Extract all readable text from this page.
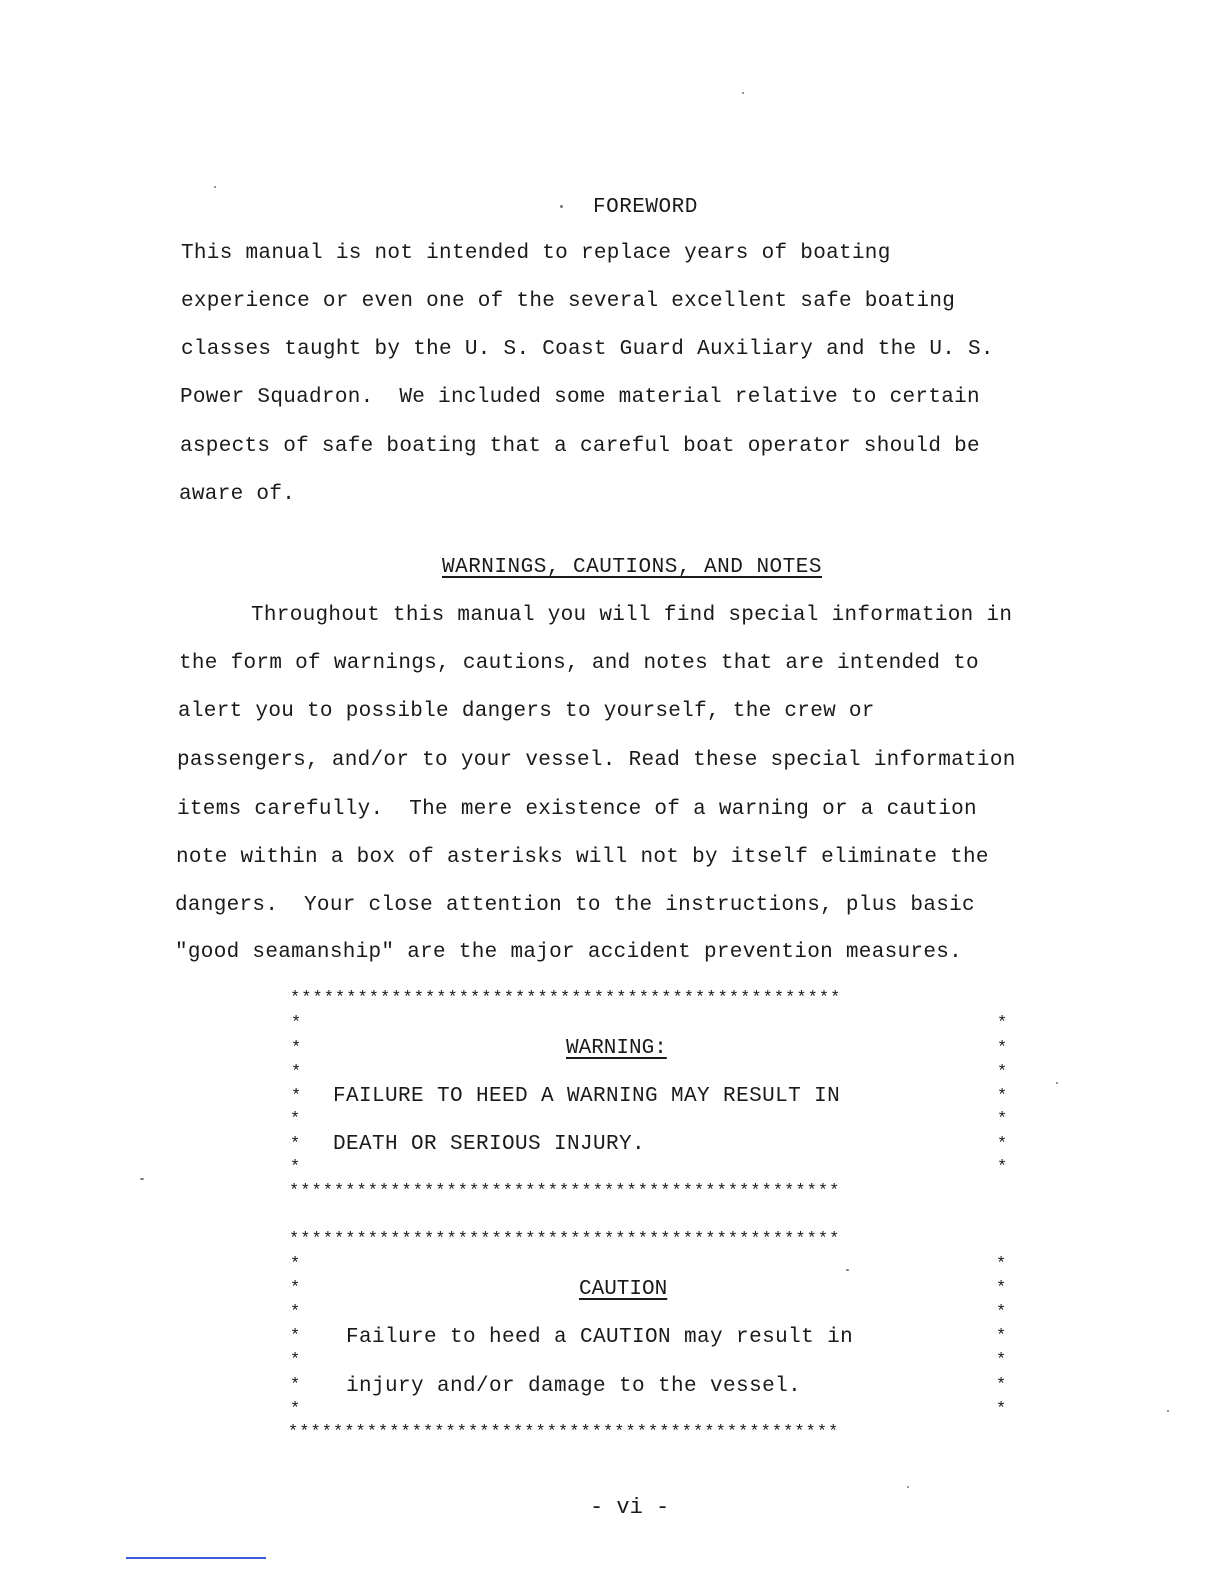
FOREWORD
This manual is not intended to replace years of boating
experience or even one of the several excellent safe boating
classes taught by the U. S. Coast Guard Auxiliary and the U. S.
Power Squadron.  We included some material relative to certain
aspects of safe boating that a careful boat operator should be
aware of.
WARNINGS, CAUTIONS, AND NOTES
Throughout this manual you will find special information in
the form of warnings, cautions, and notes that are intended to
alert you to possible dangers to yourself, the crew or
passengers, and/or to your vessel. Read these special information
items carefully.  The mere existence of a warning or a caution
note within a box of asterisks will not by itself eliminate the
dangers.  Your close attention to the instructions, plus basic
"good seamanship" are the major accident prevention measures.
*************************************************
*	*
*	*
*	*
*	*
*	*
*	*
*	*
WARNING:
FAILURE TO HEED A WARNING MAY RESULT IN
DEATH OR SERIOUS INJURY.
*************************************************
*************************************************
*	*
*	*
*	*
*	*
*	*
*	*
*	*
CAUTION
Failure to heed a CAUTION may result in
injury and/or damage to the vessel.
*************************************************
- vi -
